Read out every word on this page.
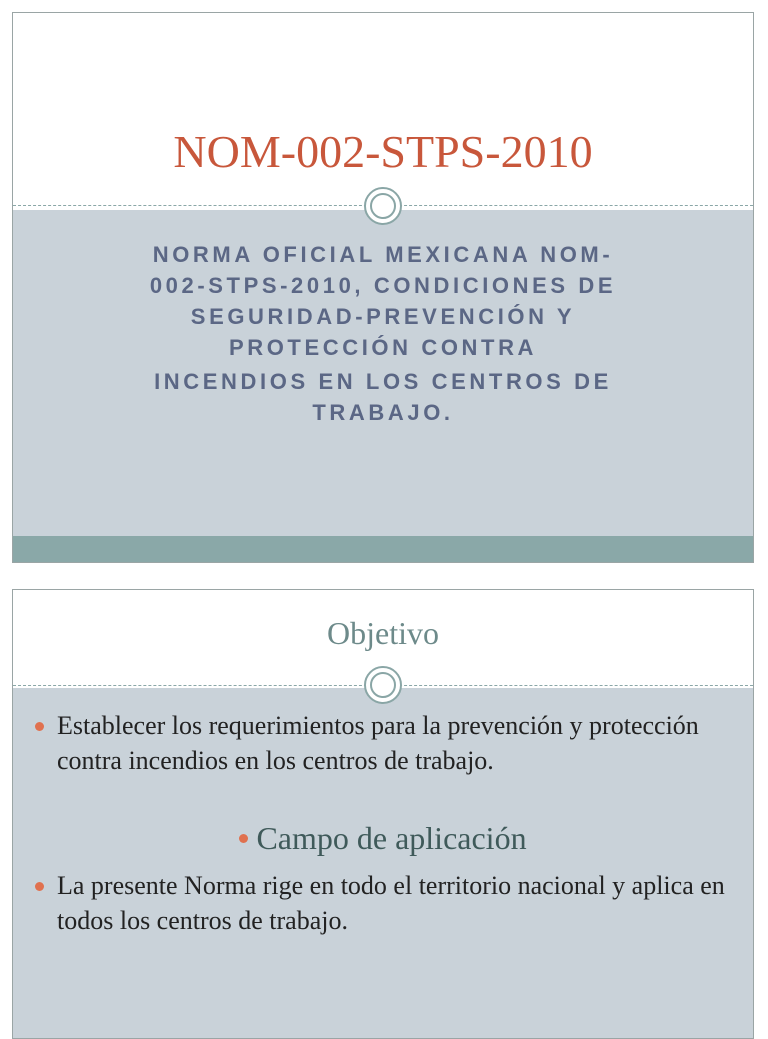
NOM-002-STPS-2010

NORMA OFICIAL MEXICANA NOM-
002-STPS-2010, CONDICIONES DE
SEGURIDAD-PREVENCIÓN Y
PROTECCIÓN CONTRA
INCENDIOS EN LOS CENTROS DE
TRABAJO.

Objetivo

Establecer los requerimientos para la prevención y protección contra incendios en los centros de trabajo.

Campo de aplicación

La presente Norma rige en todo el territorio nacional y aplica en todos los centros de trabajo.
